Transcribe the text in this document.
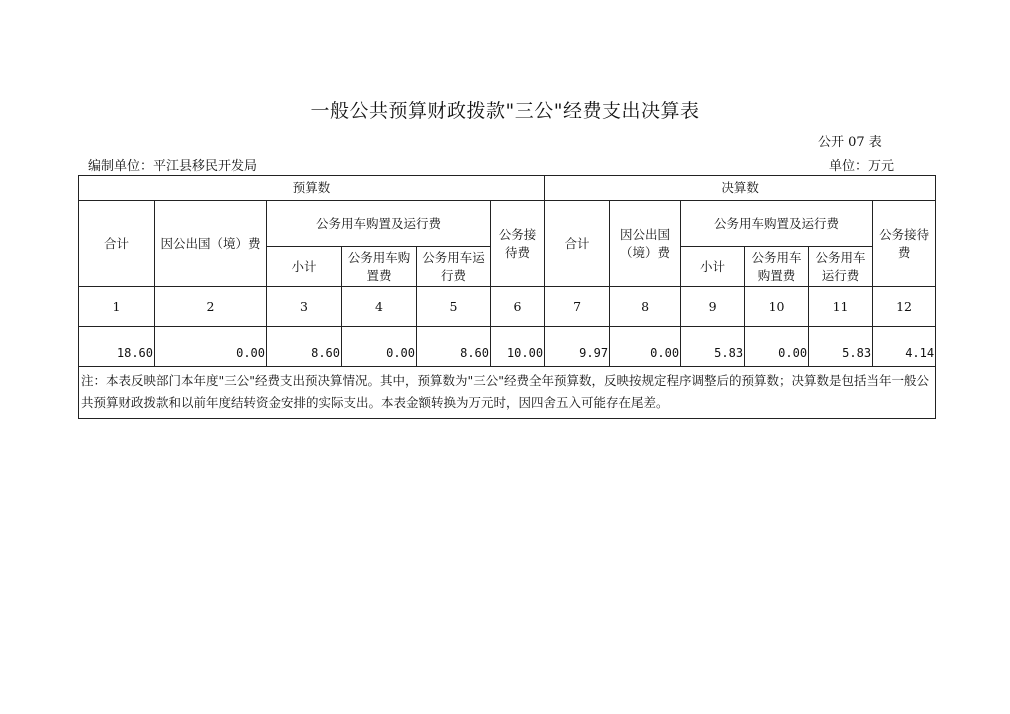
一般公共预算财政拨款"三公"经费支出决算表
公开 07 表
编制单位：平江县移民开发局	单位：万元
预算数						决算数					
合计	因公出国（境）费	公务用车购置及运行费			公务接待费	合计	因公出国（境）费	公务用车购置及运行费			公务接待费
		小计	公务用车购置费	公务用车运行费				小计	公务用车购置费	公务用车运行费	
1	2	3	4	5	6	7	8	9	10	11	12
18.60	0.00	8.60	0.00	8.60	10.00	9.97	0.00	5.83	0.00	5.83	4.14
注：本表反映部门本年度"三公"经费支出预决算情况。其中，预算数为"三公"经费全年预算数，反映按规定程序调整后的预算数；决算数是包括当年一般公共预算财政拨款和以前年度结转资金安排的实际支出。本表金额转换为万元时，因四舍五入可能存在尾差。											
